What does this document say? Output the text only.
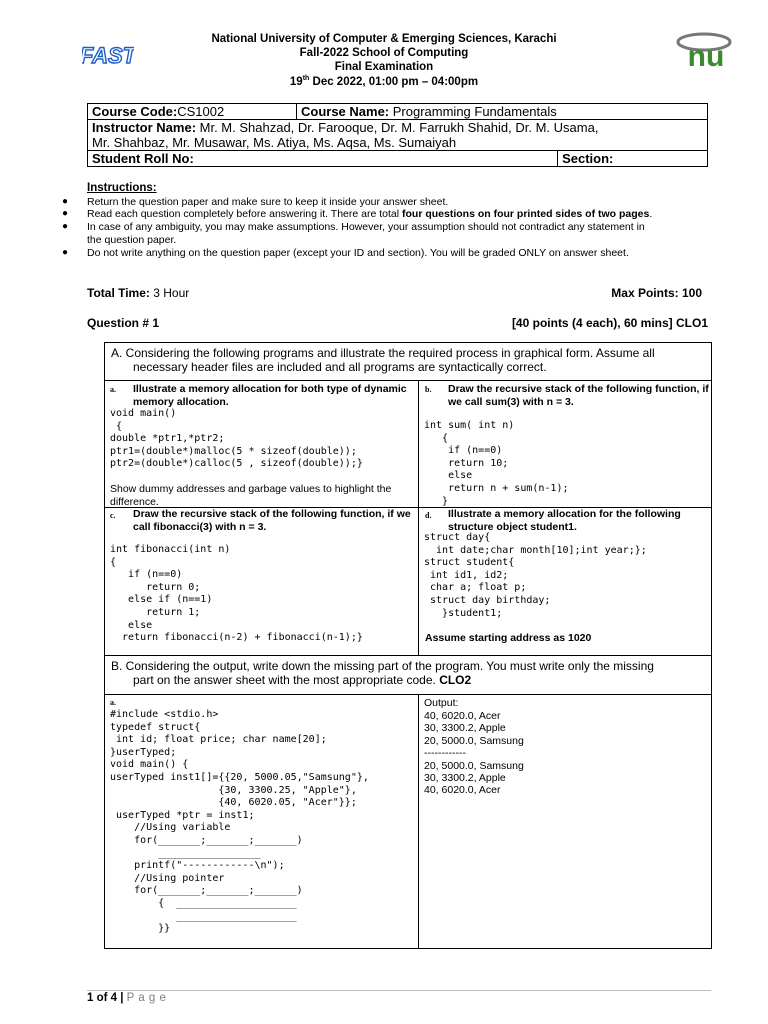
FAST	nu
National University of Computer & Emerging Sciences, Karachi
Fall-2022 School of Computing
Final Examination
19th Dec 2022, 01:00 pm – 04:00pm
Course Code:CS1002	Course Name: Programming Fundamentals	
Instructor Name: Mr. M. Shahzad, Dr. Farooque, Dr. M. Farrukh Shahid, Dr. M. Usama,
Mr. Shahbaz, Mr. Musawar, Ms. Atiya, Ms. Aqsa, Ms. Sumaiyah		
Student Roll No:		Section:
Instructions:
● Return the question paper and make sure to keep it inside your answer sheet.
● Read each question completely before answering it. There are total four questions on four printed sides of two pages.
● In case of any ambiguity, you may make assumptions. However, your assumption should not contradict any statement in
the question paper.
● Do not write anything on the question paper (except your ID and section). You will be graded ONLY on answer sheet.
Total Time: 3 Hour	Max Points: 100
Question # 1	[40 points (4 each), 60 mins] CLO1
A. Considering the following programs and illustrate the required process in graphical form. Assume all
necessary header files are included and all programs are syntactically correct.
a. Illustrate a memory allocation for both type of dynamic memory allocation.
void main()
{
double *ptr1,*ptr2;
ptr1=(double*)malloc(5 * sizeof(double));
ptr2=(double*)calloc(5 , sizeof(double));}
Show dummy addresses and garbage values to highlight the difference.
b. Draw the recursive stack of the following function, if we call sum(3) with n = 3.
int sum( int n)
{
if (n==0)
return 10;
else
return n + sum(n-1);
}
c. Draw the recursive stack of the following function, if we call fibonacci(3) with n = 3.
int fibonacci(int n)
{
if (n==0)
return 0;
else if (n==1)
return 1;
else
return fibonacci(n-2) + fibonacci(n-1);}
d. Illustrate a memory allocation for the following structure object student1.
struct day{
int date;char month[10];int year;};
struct student{
int id1, id2;
char a; float p;
struct day birthday;
}student1;
Assume starting address as 1020
B. Considering the output, write down the missing part of the program. You must write only the missing
part on the answer sheet with the most appropriate code. CLO2
a.
#include <stdio.h>
typedef struct{
int id; float price; char name[20];
}userTyped;
void main() {
userTyped inst1[]={{20, 5000.05,"Samsung"},
{30, 3300.25, "Apple"},
{40, 6020.05, "Acer"}};
userTyped *ptr = inst1;
//Using variable
for(_______;_______;_______)
_________________
printf("------------\n");
//Using pointer
for(_______;_______;_______)
{  ____________________
____________________
}}
Output:
40, 6020.0, Acer
30, 3300.2, Apple
20, 5000.0, Samsung
------------
20, 5000.0, Samsung
30, 3300.2, Apple
40, 6020.0, Acer
1 of 4 | P a g e
